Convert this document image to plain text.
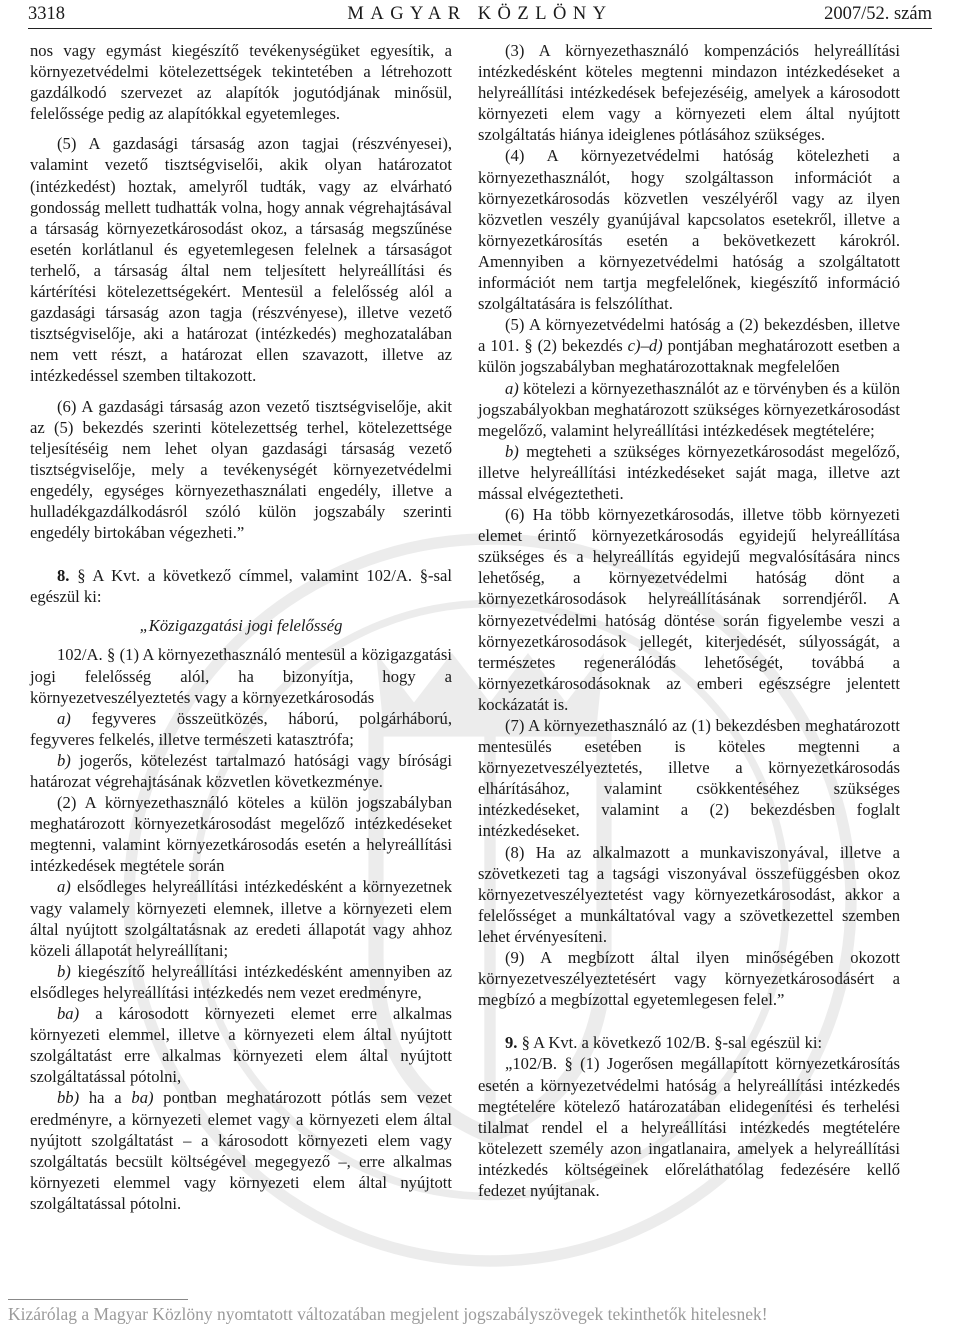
3318	MAGYAR KÖZLÖNY	2007/52. szám

nos vagy egymást kiegészítő tevékenységüket egyesítik, a környezetvédelmi kötelezettségek tekintetében a létrehozott gazdálkodó szervezet az alapítók jogutódjának minősül, felelőssége pedig az alapítókkal egyetemleges.

(5) A gazdasági társaság azon tagjai (részvényesei), valamint vezető tisztségviselői, akik olyan határozatot (intézkedést) hoztak, amelyről tudták, vagy az elvárható gondosság mellett tudhatták volna, hogy annak végrehajtásával a társaság környezetkárosodást okoz, a társaság megszűnése esetén korlátlanul és egyetemlegesen felelnek a társaságot terhelő, a társaság által nem teljesített helyreállítási és kártérítési kötelezettségekért. Mentesül a felelősség alól a gazdasági társaság azon tagja (részvényese), illetve vezető tisztségviselője, aki a határozat (intézkedés) meghozatalában nem vett részt, a határozat ellen szavazott, illetve az intézkedéssel szemben tiltakozott.

(6) A gazdasági társaság azon vezető tisztségviselője, akit az (5) bekezdés szerinti kötelezettség terhel, kötelezettsége teljesítéséig nem lehet olyan gazdasági társaság vezető tisztségviselője, mely a tevékenységét környezetvédelmi engedély, egységes környezethasználati engedély, illetve a hulladékgazdálkodásról szóló külön jogszabály szerinti engedély birtokában végezheti.”

8. § A Kvt. a következő címmel, valamint 102/A. §-sal egészül ki:

„Közigazgatási jogi felelősség

102/A. § (1) A környezethasználó mentesül a közigazgatási jogi felelősség alól, ha bizonyítja, hogy a környezetveszélyeztetés vagy a környezetkárosodás

a) fegyveres összeütközés, háború, polgárháború, fegyveres felkelés, illetve természeti katasztrófa;

b) jogerős, kötelezést tartalmazó hatósági vagy bírósági határozat végrehajtásának közvetlen következménye.

(2) A környezethasználó köteles a külön jogszabályban meghatározott környezetkárosodást megelőző intézkedéseket megtenni, valamint környezetkárosodás esetén a helyreállítási intézkedések megtétele során

a) elsődleges helyreállítási intézkedésként a környezetnek vagy valamely környezeti elemnek, illetve a környezeti elem által nyújtott szolgáltatásnak az eredeti állapotát vagy ahhoz közeli állapotát helyreállítani;

b) kiegészítő helyreállítási intézkedésként amennyiben az elsődleges helyreállítási intézkedés nem vezet eredményre,

ba) a károsodott környezeti elemet erre alkalmas környezeti elemmel, illetve a környezeti elem által nyújtott szolgáltatást erre alkalmas környezeti elem által nyújtott szolgáltatással pótolni,

bb) ha a ba) pontban meghatározott pótlás sem vezet eredményre, a környezeti elemet vagy a környezeti elem által nyújtott szolgáltatást – a károsodott környezeti elem vagy szolgáltatás becsült költségével megegyező –, erre alkalmas környezeti elemmel vagy környezeti elem által nyújtott szolgáltatással pótolni.

(3) A környezethasználó kompenzációs helyreállítási intézkedésként köteles megtenni mindazon intézkedéseket a helyreállítási intézkedések befejezéséig, amelyek a károsodott környezeti elem vagy a környezeti elem által nyújtott szolgáltatás hiánya ideiglenes pótlásához szükséges.

(4) A környezetvédelmi hatóság kötelezheti a környezethasználót, hogy szolgáltasson információt a környezetkárosodás közvetlen veszélyéről vagy az ilyen közvetlen veszély gyanújával kapcsolatos esetekről, illetve a környezetkárosítás esetén a bekövetkezett károkról. Amennyiben a környezetvédelmi hatóság a szolgáltatott információt nem tartja megfelelőnek, kiegészítő információ szolgáltatására is felszólíthat.

(5) A környezetvédelmi hatóság a (2) bekezdésben, illetve a 101. § (2) bekezdés c)–d) pontjában meghatározott esetben a külön jogszabályban meghatározottaknak megfelelően

a) kötelezi a környezethasználót az e törvényben és a külön jogszabályokban meghatározott szükséges környezetkárosodást megelőző, valamint helyreállítási intézkedések megtételére;

b) megteheti a szükséges környezetkárosodást megelőző, illetve helyreállítási intézkedéseket saját maga, illetve azt mással elvégeztetheti.

(6) Ha több környezetkárosodás, illetve több környezeti elemet érintő környezetkárosodás egyidejű helyreállítása szükséges és a helyreállítás egyidejű megvalósítására nincs lehetőség, a környezetvédelmi hatóság dönt a környezetkárosodások helyreállításának sorrendjéről. A környezetvédelmi hatóság döntése során figyelembe veszi a környezetkárosodások jellegét, kiterjedését, súlyosságát, a természetes regenerálódás lehetőségét, továbbá a környezetkárosodásoknak az emberi egészségre jelentett kockázatát is.

(7) A környezethasználó az (1) bekezdésben meghatározott mentesülés esetében is köteles megtenni a környezetveszélyeztetés, illetve a környezetkárosodás elhárításához, valamint csökkentéséhez szükséges intézkedéseket, valamint a (2) bekezdésben foglalt intézkedéseket.

(8) Ha az alkalmazott a munkaviszonyával, illetve a szövetkezeti tag a tagsági viszonyával összefüggésben okoz környezetveszélyeztetést vagy környezetkárosodást, akkor a felelősséget a munkáltatóval vagy a szövetkezettel szemben lehet érvényesíteni.

(9) A megbízott által ilyen minőségében okozott környezetveszélyeztetésért vagy környezetkárosodásért a megbízó a megbízottal egyetemlegesen felel.”

9. § A Kvt. a következő 102/B. §-sal egészül ki:

„102/B. § (1) Jogerősen megállapított környezetkárosítás esetén a környezetvédelmi hatóság a helyreállítási intézkedés megtételére kötelező határozatában elidegenítési és terhelési tilalmat rendel el a helyreállítási intézkedés megtételére kötelezett személy azon ingatlanaira, amelyek a helyreállítási intézkedés költségeinek előreláthatólag fedezésére kellő fedezet nyújtanak.

Kizárólag a Magyar Közlöny nyomtatott változatában megjelent jogszabályszövegek tekinthetők hitelesnek!
